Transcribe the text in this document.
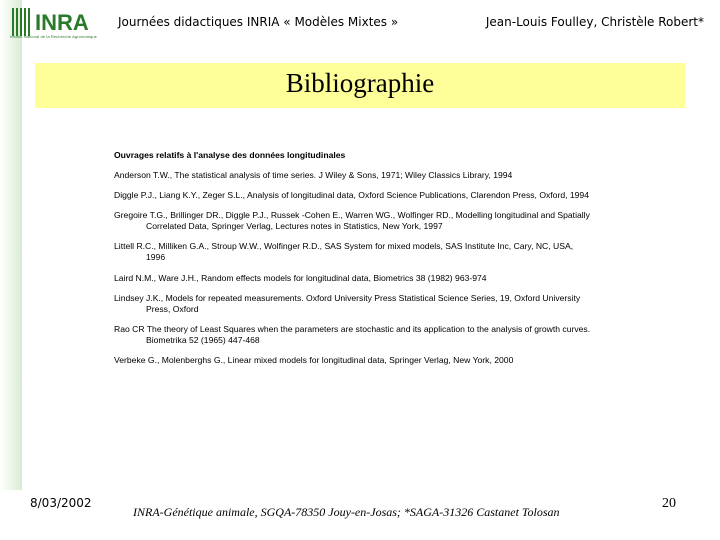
INRA
Institut National de la Recherche Agronomique
Journées didactiques INRIA « Modèles Mixtes »	Jean-Louis Foulley, Christèle Robert*
Bibliographie
Ouvrages relatifs à l'analyse des données longitudinales
Anderson T.W., The statistical analysis of time series. J Wiley & Sons, 1971; Wiley Classics Library, 1994
Diggle P.J., Liang K.Y., Zeger S.L., Analysis of longitudinal data, Oxford Science Publications, Clarendon Press, Oxford, 1994
Gregoire T.G., Brillinger DR., Diggle P.J., Russek -Cohen E., Warren WG., Wolfinger RD., Modelling longitudinal and Spatially Correlated Data, Springer Verlag, Lectures notes in Statistics, New York, 1997
Littell R.C., Milliken G.A., Stroup W.W., Wolfinger R.D., SAS System for mixed models, SAS Institute Inc, Cary, NC, USA, 1996
Laird N.M., Ware J.H., Random effects models for longitudinal data, Biometrics 38 (1982) 963-974
Lindsey J.K., Models for repeated measurements. Oxford University Press Statistical Science Series, 19, Oxford University Press, Oxford
Rao CR The theory of Least Squares when the parameters are stochastic and its application to the analysis of growth curves. Biometrika 52 (1965) 447-468
Verbeke G., Molenberghs G., Linear mixed models for longitudinal data, Springer Verlag, New York, 2000
8/03/2002
INRA-Génétique animale, SGQA-78350 Jouy-en-Josas; *SAGA-31326 Castanet Tolosan
20
